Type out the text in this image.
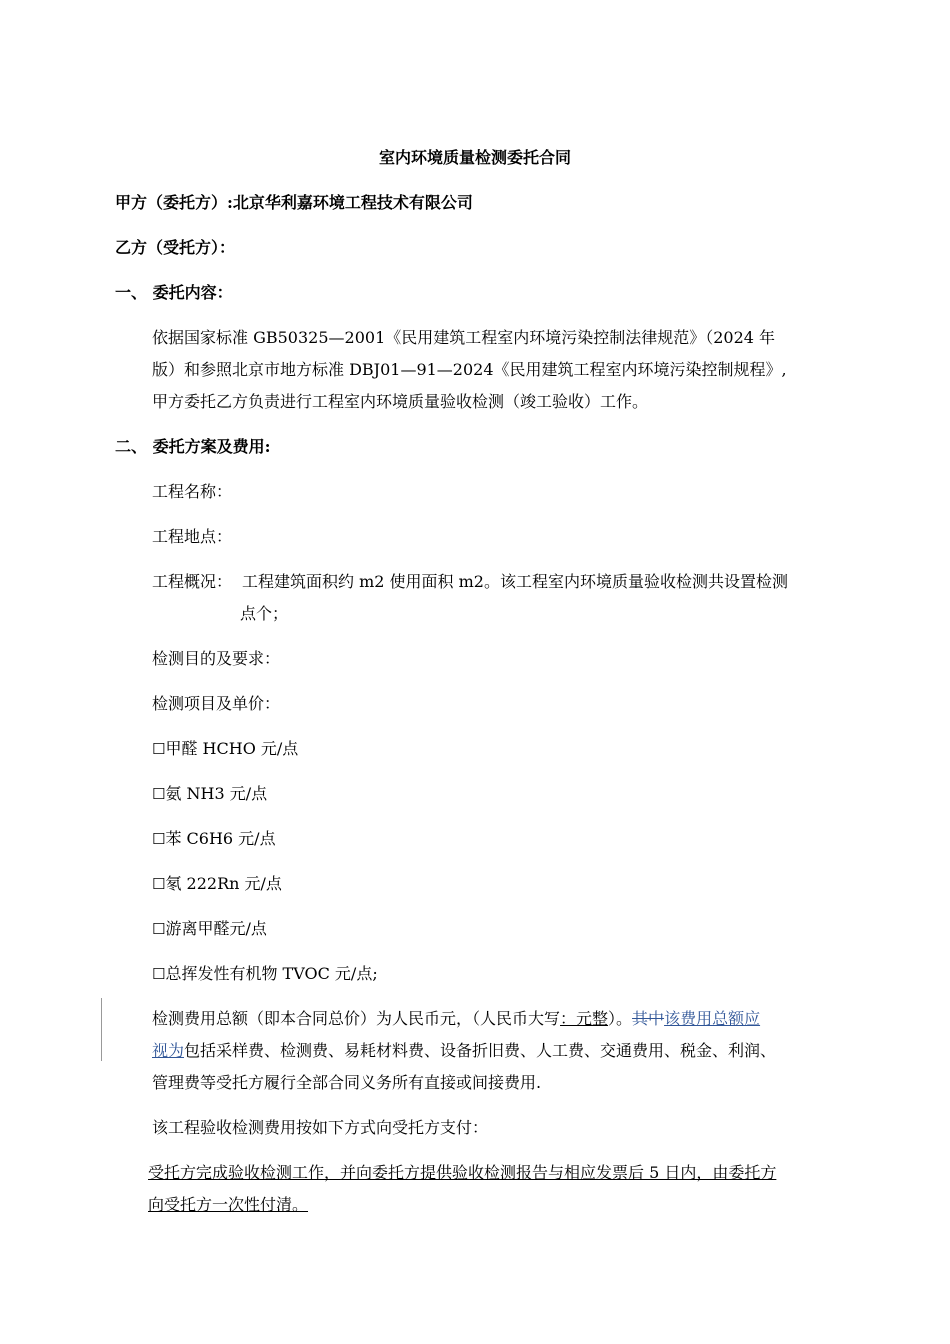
室内环境质量检测委托合同
甲方（委托方）:北京华利嘉环境工程技术有限公司
乙方（受托方）：
一、 委托内容：
依据国家标准 GB50325—2001《民用建筑工程室内环境污染控制法律规范》（2024 年
版）和参照北京市地方标准 DBJ01—91—2024《民用建筑工程室内环境污染控制规程》,
甲方委托乙方负责进行工程室内环境质量验收检测（竣工验收）工作。
二、 委托方案及费用:
工程名称：
工程地点：
工程概况： 工程建筑面积约 m2 使用面积 m2。该工程室内环境质量验收检测共设置检测
点个；
检测目的及要求：
检测项目及单价：
☐甲醛 HCHO 元/点
☐氨 NH3 元/点
☐苯 C6H6 元/点
☐氡 222Rn 元/点
☐游离甲醛元/点
☐总挥发性有机物 TVOC 元/点;
检测费用总额（即本合同总价）为人民币元，（人民币大写：元整）。其中该费用总额应
视为包括采样费、检测费、易耗材料费、设备折旧费、人工费、交通费用、税金、利润、
管理费等受托方履行全部合同义务所有直接或间接费用.
该工程验收检测费用按如下方式向受托方支付：
受托方完成验收检测工作，并向委托方提供验收检测报告与相应发票后 5 日内，由委托方
向受托方一次性付清。
